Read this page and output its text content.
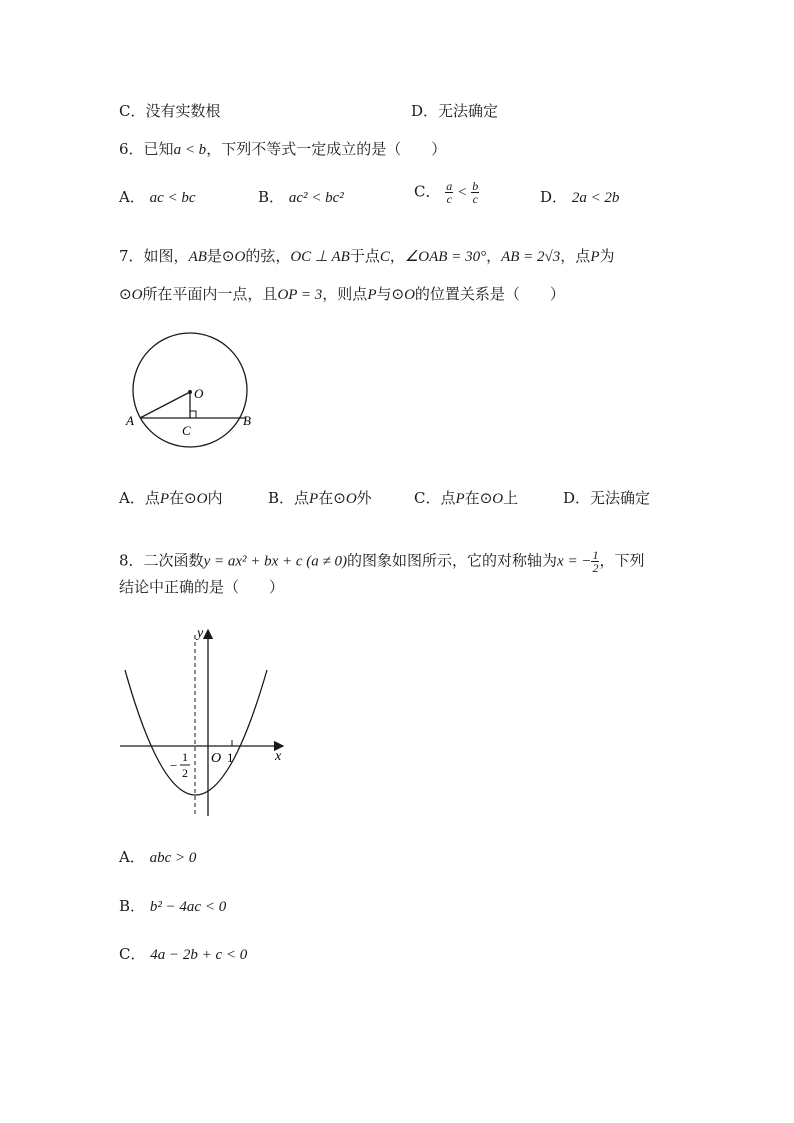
C．没有实数根	D．无法确定
6．已知a < b，下列不等式一定成立的是（　　）
A． ac < bc	B． ac² < bc²	C． $\frac{a}{c} < \frac{b}{c}$	D． 2a < 2b
7．如图，AB是⊙O的弦，OC ⊥ AB于点C，∠OAB = 30°，AB = 2√3，点P为
⊙O所在平面内一点，且OP = 3，则点P与⊙O的位置关系是（　　）
O
A	B
C
A．点P在⊙O内	B．点P在⊙O外	C．点P在⊙O上	D．无法确定
8．二次函数y = ax² + bx + c (a ≠ 0)的图象如图所示，它的对称轴为x = − $\frac{1}{2}$ ，下列
结论中正确的是（　　）
y
x
O 1
−
1
2
A． abc > 0
B． b² − 4ac < 0
C． 4a − 2b + c < 0
